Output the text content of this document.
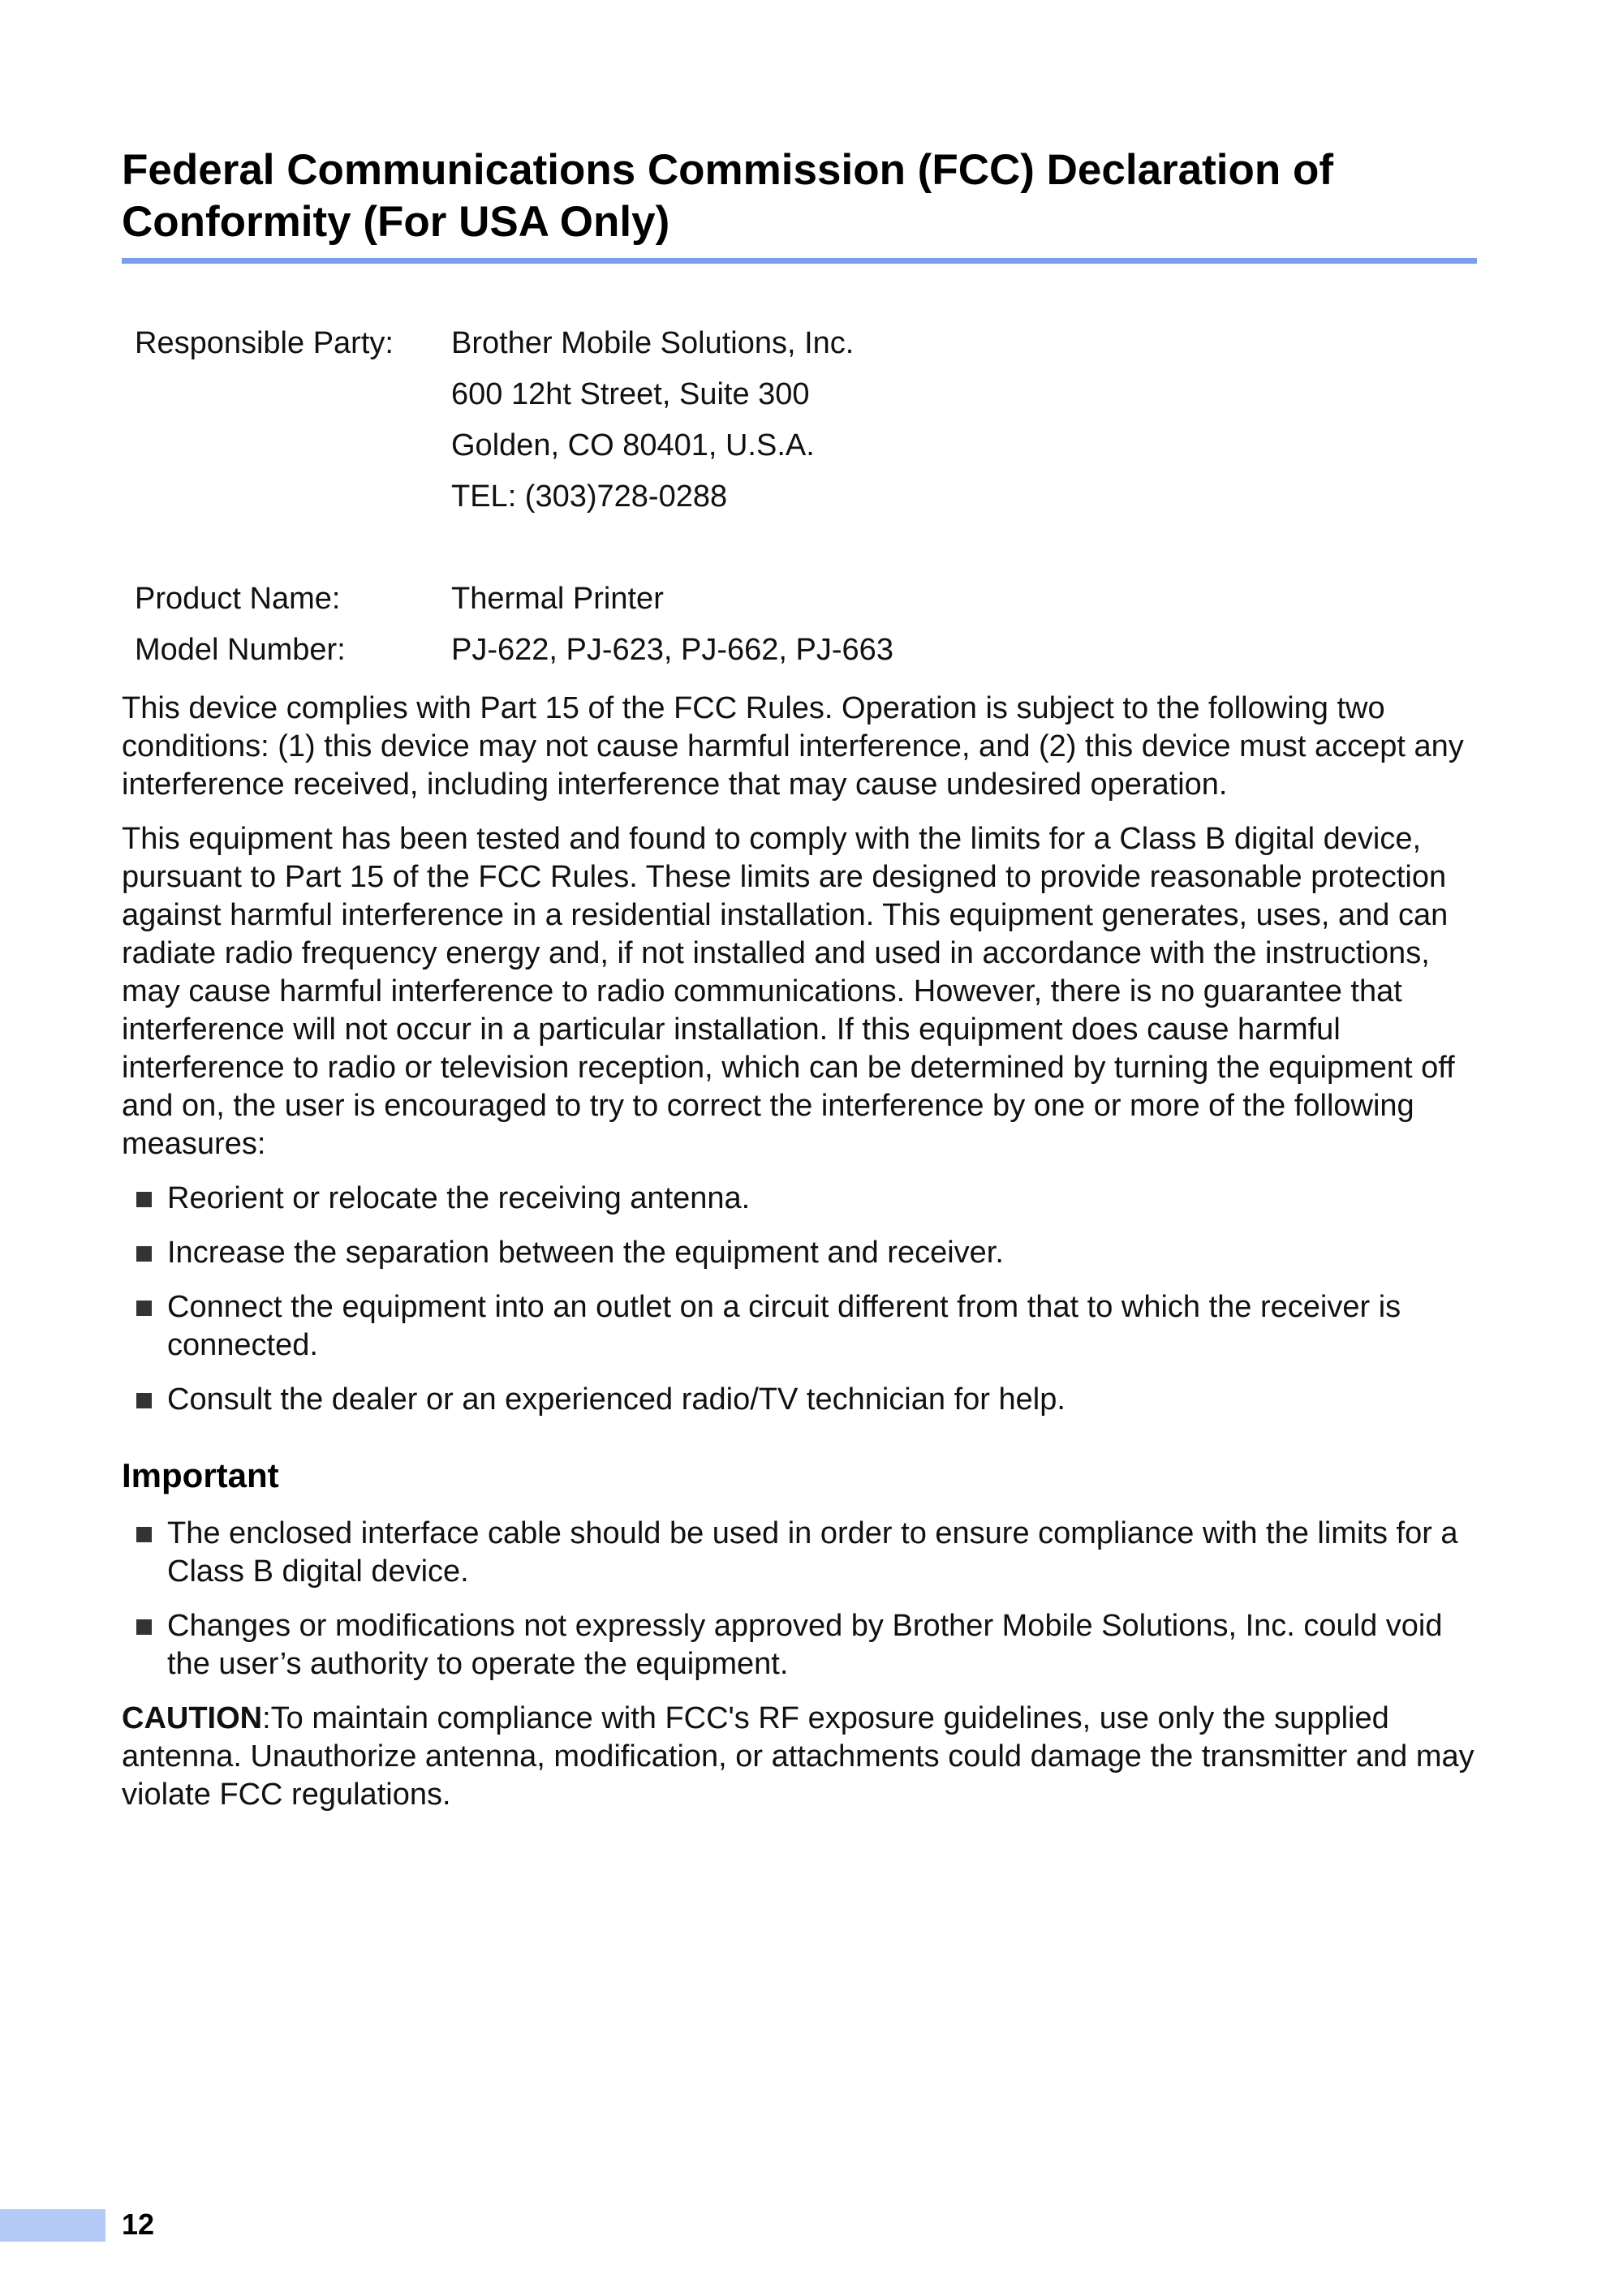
Federal Communications Commission (FCC) Declaration of Conformity (For USA Only)
Responsible Party:	Brother Mobile Solutions, Inc.
600 12ht Street, Suite 300
Golden, CO 80401, U.S.A.
TEL: (303)728-0288
Product Name:	Thermal Printer
Model Number:	PJ-622, PJ-623, PJ-662, PJ-663

This device complies with Part 15 of the FCC Rules. Operation is subject to the following two conditions: (1) this device may not cause harmful interference, and (2) this device must accept any interference received, including interference that may cause undesired operation.

This equipment has been tested and found to comply with the limits for a Class B digital device, pursuant to Part 15 of the FCC Rules. These limits are designed to provide reasonable protection against harmful interference in a residential installation. This equipment generates, uses, and can radiate radio frequency energy and, if not installed and used in accordance with the instructions, may cause harmful interference to radio communications. However, there is no guarantee that interference will not occur in a particular installation. If this equipment does cause harmful interference to radio or television reception, which can be determined by turning the equipment off and on, the user is encouraged to try to correct the interference by one or more of the following measures:

Reorient or relocate the receiving antenna.
Increase the separation between the equipment and receiver.
Connect the equipment into an outlet on a circuit different from that to which the receiver is connected.
Consult the dealer or an experienced radio/TV technician for help.
Important
The enclosed interface cable should be used in order to ensure compliance with the limits for a Class B digital device.
Changes or modifications not expressly approved by Brother Mobile Solutions, Inc. could void the user’s authority to operate the equipment.

CAUTION:To maintain compliance with FCC's RF exposure guidelines, use only the supplied antenna. Unauthorize antenna, modification, or attachments could damage the transmitter and may violate FCC regulations.

12
